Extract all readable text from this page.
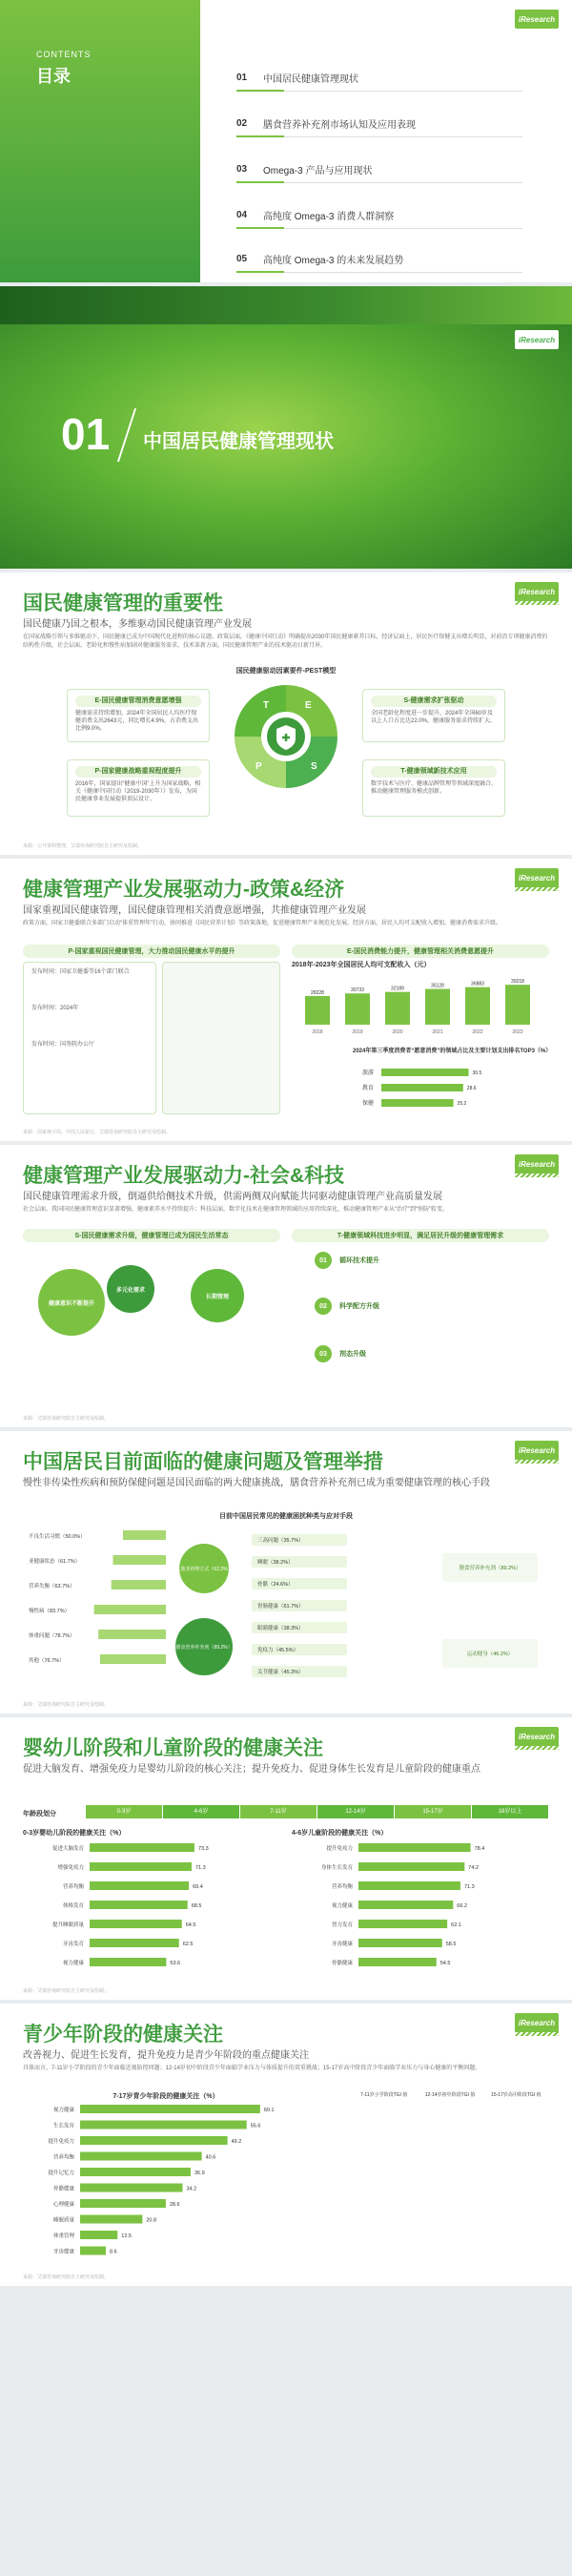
CONTENTS
目录	01	中国居民健康管理现状
02	膳食营养补充剂市场认知及应用表现
03	Omega-3 产品与应用现状
04	高纯度 Omega-3 消费人群洞察
05	高纯度 Omega-3 的未来发展趋势
iResearch
iResearch
01 中国居民健康管理现状
国民健康管理的重要性
国民健康乃国之根本，多维驱动国民健康管理产业发展
iResearch
在国家战略引领与多维驱动下，国民健康已成为中国现代化进程的核心议题。政策层面，《健康中国行动》明确提出2030年国民健康素养目标，经济层面上，居民医疗保健支出增长明显，对前沿专项健康消费的结构性升级，社会层面，老龄化和慢性病加剧对健康服务需求，技术革新方面，国民健康管理产业的技术驱动日新月异。
国民健康驱动因素要件-PEST模型
E-国民健康管理消费意愿增强
健康需求持续增加，2024年全国居民人均医疗保健消费支出2643元，同比增长4.9%，占消费支出比例9.0%。
S-健康需求扩张驱动
全国老龄化程度进一步提升，2024年全国60岁及以上人口占比达22.0%，健康服务需求持续扩大。
P-国家健康战略重视程度提升
2016年，国家提出“健康中国”上升为国家战略，相关《健康中国行动（2019-2030年）》发布，为国民健康事业发展提供顶层设计。
T-健康领域新技术应用
数字技术与医疗、健康品牌管理等领域深度融合，推动健康管理服务模式创新。
T	E
P	S
来源：公开资料整理，艾瑞咨询研究院自主研究及绘制。
健康管理产业发展驱动力-政策&经济
国家重视国民健康管理，国民健康管理相关消费意愿增强，共推健康管理产业发展
iResearch
政策方面，国家卫健委联合多部门启动“体重管理年”行动，协同推进《国民营养计划》等政策落地，促进健康管理产业规范化发展。经济方面，居民人均可支配收入增加，健康消费需求升级。
P-国家重视国民健康管理，大力推动国民健康水平的提升
发布时间：国家卫健委等16个部门联合
发布时间：2024年
发布时间：国务院办公厅
E-国民消费能力提升，健康管理相关消费意愿提升
2018年-2023年全国居民人均可支配收入（元）
28228
2018
30733
2019
32189
2020
35128
2021
36883
2022
39218
2023
2024年第三季度消费者“愿意消费”的领域占比及主要计划支出排名TOP3（%）
旅游	30.5
教育	28.6
保健	25.2
来源：国家统计局，中国人民银行，艾瑞咨询研究院自主研究及绘制。
健康管理产业发展驱动力-社会&科技
国民健康管理需求升级，倒逼供给侧技术升级，供需两侧双向赋能共同驱动健康管理产业高质量发展
iResearch
社会层面，我国国民健康管理意识显著增强，健康素养水平持续提升；科技层面，数字化技术在健康管理领域的应用持续深化，推动健康管理产业从“治疗”到“预防”转变。
S-国民健康需求升级，健康管理已成为国民生活常态
健康意识不断提升
多元化需求
长期管理
T-健康领域科技进步明显，满足居民升级的健康管理需求
01	循环技术提升
02	科学配方升级
03	剂态升级
来源：艾瑞咨询研究院自主研究及绘制。
中国居民目前面临的健康问题及管理举措
慢性非传染性疾病和预防保健问题是国民面临的两大健康挑战，膳食营养补充剂已成为重要健康管理的核心手段
iResearch
目前中国居民常见的健康困扰种类与应对手段
不良生活习惯（50.0%）
亚健康状态（61.7%）
营养失衡（63.7%）
慢性病（83.7%）
体重问题（78.7%）
其他（76.7%）
其他非药物方式（62.3%）
膳食营养补充剂（89.2%）
三高问题（35.7%）
睡眠（38.2%）
骨骼（24.6%）
胃肠健康（61.7%）
眼睛健康（38.3%）
免疫力（45.5%）
关节健康（45.3%）
膳食营养补充剂（89.2%）
运动健身（46.2%）
来源：艾瑞咨询研究院自主研究及绘制。
婴幼儿阶段和儿童阶段的健康关注
促进大脑发育、增强免疫力是婴幼儿阶段的核心关注；提升免疫力、促进身体生长发育是儿童阶段的健康重点
iResearch
年龄段划分	0-3岁	4-6岁	7-11岁	12-14岁	15-17岁	18岁以上
0-3岁婴幼儿阶段的健康关注（%）
促进大脑发育	73.3
增强免疫力	71.3
营养均衡	69.4
体格发育	68.5
提升睡眠质量	64.5
牙齿发育	62.5
视力健康	53.6
4-6岁儿童阶段的健康关注（%）
提升免疫力	78.4
身体生长发育	74.2
营养均衡	71.3
视力健康	66.2
智力发育	62.1
牙齿健康	58.5
骨骼健康	54.5
来源：艾瑞咨询研究院自主研究及绘制。
青少年阶段的健康关注
改善视力、促进生长发育，提升免疫力是青少年阶段的重点健康关注
iResearch
具体而言，7-11岁小学阶段的青少年面临近视防控问题；12-14岁初中阶段青少年面临学业压力与体质提升的双重挑战；15-17岁高中阶段青少年面临学业压力与身心健康的平衡问题。
7-17岁青少年阶段的健康关注（%）
视力健康	60.1
生长发育	55.6
提升免疫力	49.2
营养均衡	40.6
提升记忆力	36.9
骨骼健康	34.2
心理健康	28.6
睡眠质量	20.8
体重管理	12.5
牙齿健康	8.6
7-11岁小学阶段TGI 值	12-14岁初中阶段TGI 值	15-17岁高中阶段TGI 值
来源：艾瑞咨询研究院自主研究及绘制。
